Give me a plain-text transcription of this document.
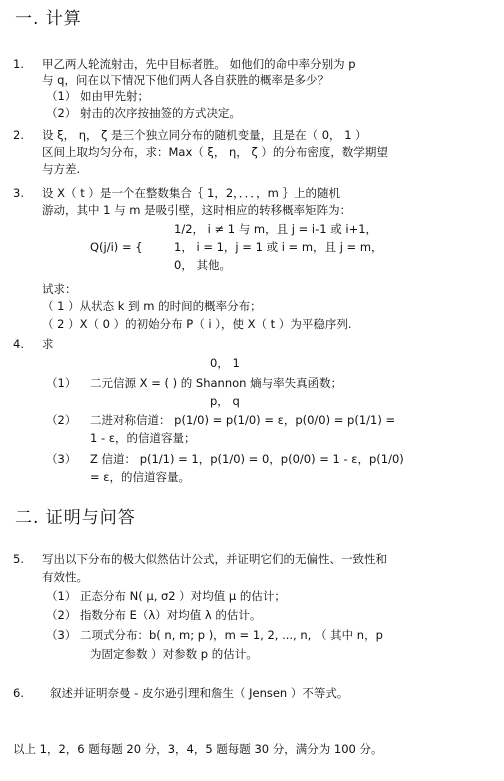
一. 计算
1. 甲乙两人轮流射击，先中目标者胜。 如他们的命中率分别为 p
与 q，问在以下情况下他们两人各自获胜的概率是多少？
（1） 如由甲先射；
（2） 射击的次序按抽签的方式决定。
2. 设 ξ， η， ζ 是三个独立同分布的随机变量，且是在（ 0， 1 ）
区间上取均匀分布，求：Max（ ξ， η， ζ ）的分布密度，数学期望
与方差.
3. 设 X（ t ）是一个在整数集合｛ 1，2，．．．，m ｝上的随机
游动，其中 1 与 m 是吸引壁，这时相应的转移概率矩阵为：
1/2， i ≠ 1 与 m，且 j = i-1 或 i+1，
Q(j/i) = {	1， i = 1，j = 1 或 i = m，且 j = m，
0， 其他。
试求：
（ 1 ）从状态 k 到 m 的时间的概率分布；
（ 2 ）X（ 0 ）的初始分布 P（ i ），使 X（ t ）为平稳序列.
4. 求
0， 1
（1） 二元信源 X = ( ) 的 Shannon 熵与率失真函数；
p， q
（2） 二进对称信道： p(1/0) = p(1/0) = ε，p(0/0) = p(1/1) =
1 - ε，的信道容量；
（3） Z 信道： p(1/1) = 1，p(1/0) = 0，p(0/0) = 1 - ε，p(1/0)
= ε，的信道容量。
二. 证明与问答
5. 写出以下分布的极大似然估计公式，并证明它们的无偏性、一致性和
有效性。
（1） 正态分布 N( μ, σ2 ）对均值 μ 的估计；
（2） 指数分布 E（λ）对均值 λ 的估计。
（3） 二项式分布：b( n, m; p )，m = 1, 2, ..., n, （ 其中 n，p
为固定参数 ）对参数 p 的估计。
6. 叙述并证明奈曼 - 皮尔逊引理和詹生（ Jensen ）不等式。
以上 1，2，6 题每题 20 分，3，4，5 题每题 30 分，满分为 100 分。
